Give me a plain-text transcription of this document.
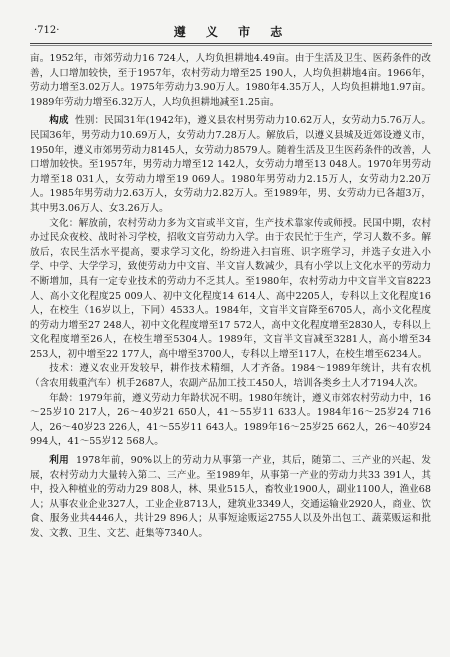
·712·	遵 义 市 志

亩。1952年，市郊劳动力16 724人，人均负担耕地4.49亩。由于生活及卫生、医药条件的改善，人口增加较快，至于1957年，农村劳动力增至25 190人，人均负担耕地4亩。1966年，劳动力增至3.02万人。1975年劳动力3.90万人。1980年4.35万人，人均负担耕地1.97亩。1989年劳动力增至6.32万人，人均负担耕地减至1.25亩。

构成 性别：民国31年(1942年)，遵义县农村男劳动力10.62万人，女劳动力5.76万人。民国36年，男劳动力10.69万人，女劳动力7.28万人。解放后，以遵义县城及近郊设遵义市，1950年，遵义市郊男劳动力8145人，女劳动力8579人。随着生活及卫生医药条件的改善，人口增加较快。至1957年，男劳动力增至12 142人，女劳动力增至13 048人。1970年男劳动力增至18 031人，女劳动力增至19 069人。1980年男劳动力2.15万人，女劳动力2.20万人。1985年男劳动力2.63万人，女劳动力2.82万人。至1989年，男、女劳动力已各超3万，其中男3.06万人、女3.26万人。

文化：解放前，农村劳动力多为文盲或半文盲，生产技术靠家传或师授。民国中期，农村办过民众夜校、战时补习学校，招收文盲劳动力入学。由于农民忙于生产，学习人数不多。解放后，农民生活水平提高，要求学习文化，纷纷进入扫盲班、识字班学习，并选子女进入小学、中学、大学学习，致使劳动力中文盲、半文盲人数减少，具有小学以上文化水平的劳动力不断增加，具有一定专业技术的劳动力不乏其人。至1980年，农村劳动力中文盲半文盲8223人、高小文化程度25 009人、初中文化程度14 614人、高中2205人，专科以上文化程度16人，在校生（16岁以上，下同）4533人。1984年，文盲半文盲降至6705人，高小文化程度的劳动力增至27 248人，初中文化程度增至17 572人，高中文化程度增至2830人，专科以上文化程度增至26人，在校生增至5304人。1989年，文盲半文盲减至3281人，高小增至34 253人，初中增至22 177人，高中增至3700人，专科以上增至117人，在校生增至6234人。

技术：遵义农业开发较早，耕作技术精细，人才齐备。1984～1989年统计，共有农机（含农用载重汽车）机手2687人，农副产品加工技工450人，培训各类乡土人才7194人次。

年龄：1979年前，遵义劳动力年龄状况不明。1980年统计，遵义市郊农村劳动力中，16～25岁10 217人，26～40岁21 650人，41～55岁11 633人。1984年16～25岁24 716人，26～40岁23 226人，41～55岁11 643人。1989年16～25岁25 662人，26～40岁24 994人，41～55岁12 568人。

利用 1978年前，90%以上的劳动力从事第一产业，其后，随第二、三产业的兴起、发展，农村劳动力大量转入第二、三产业。至1989年，从事第一产业的劳动力共33 391人，其中，投入种植业的劳动力29 808人，林、果业515人，畜牧业1900人，副业1100人，渔业68人；从事农业企业327人，工业企业8713人，建筑业3349人，交通运输业2920人，商业、饮食、服务业共4446人，共计29 896人；从事短途贩运2755人以及外出包工、蔬菜贩运和批发、文教、卫生、文艺、赶集等7340人。
